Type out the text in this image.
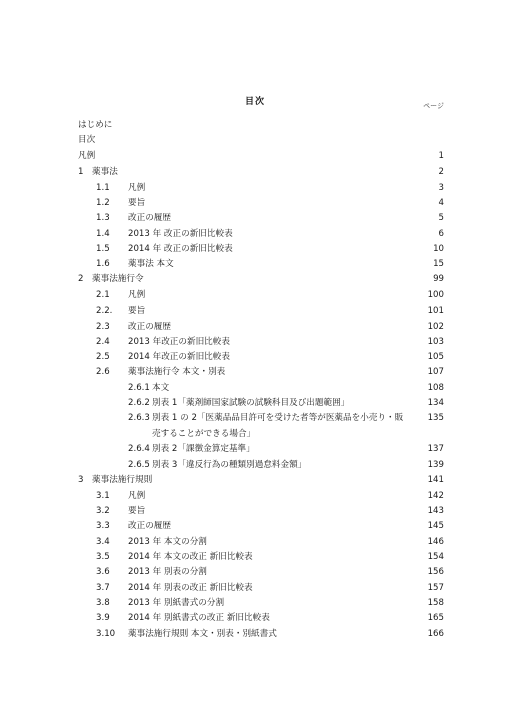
目次	ページ
はじめに
目次
凡例	1
1 薬事法	2
1.1 凡例	3
1.2 要旨	4
1.3 改正の履歴	5
1.4 2013 年 改正の新旧比較表	6
1.5 2014 年 改正の新旧比較表	10
1.6 薬事法 本文	15
2 薬事法施行令	99
2.1 凡例	100
2.2. 要旨	101
2.3 改正の履歴	102
2.4 2013 年改正の新旧比較表	103
2.5 2014 年改正の新旧比較表	105
2.6 薬事法施行令 本文・別表	107
2.6.1 本文	108
2.6.2 別表 1「薬剤師国家試験の試験科目及び出題範囲」	134
2.6.3 別表 1 の 2「医薬品品目許可を受けた者等が医薬品を小売り・販	135
売することができる場合」
2.6.4 別表 2「課徴金算定基準」	137
2.6.5 別表 3「違反行為の種類別過怠料金額」	139
3 薬事法施行規則	141
3.1 凡例	142
3.2 要旨	143
3.3 改正の履歴	145
3.4 2013 年 本文の分割	146
3.5 2014 年 本文の改正 新旧比較表	154
3.6 2013 年 別表の分割	156
3.7 2014 年 別表の改正 新旧比較表	157
3.8 2013 年 別紙書式の分割	158
3.9 2014 年 別紙書式の改正 新旧比較表	165
3.10 薬事法施行規則 本文・別表・別紙書式	166
